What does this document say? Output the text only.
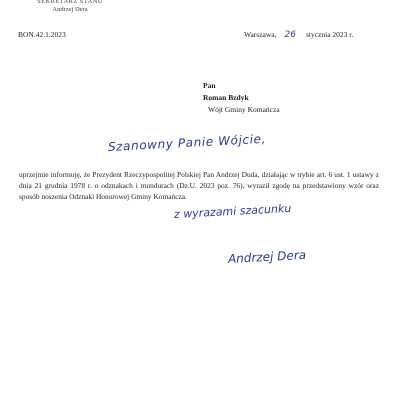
SEKRETARZ STANU
Andrzej Dera
BON.42.1.2023	Warszawa, 26 stycznia 2023 r.
Pan
Roman Bzdyk
Wójt Gminy Komańcza
Szanowny Panie Wójcie,
uprzejmie informuję, że Prezydent Rzeczypospolitej Polskiej Pan Andrzej Duda, działając w trybie art. 6 ust. 1 ustawy z dnia 21 grudnia 1978 r. o odznakach i mundurach (Dz.U. 2023 poz. 76), wyraził zgodę na przedstawiony wzór oraz sposób noszenia Odznaki Honorowej Gminy Komańcza.
z wyrazami szacunku
Andrzej Dera
